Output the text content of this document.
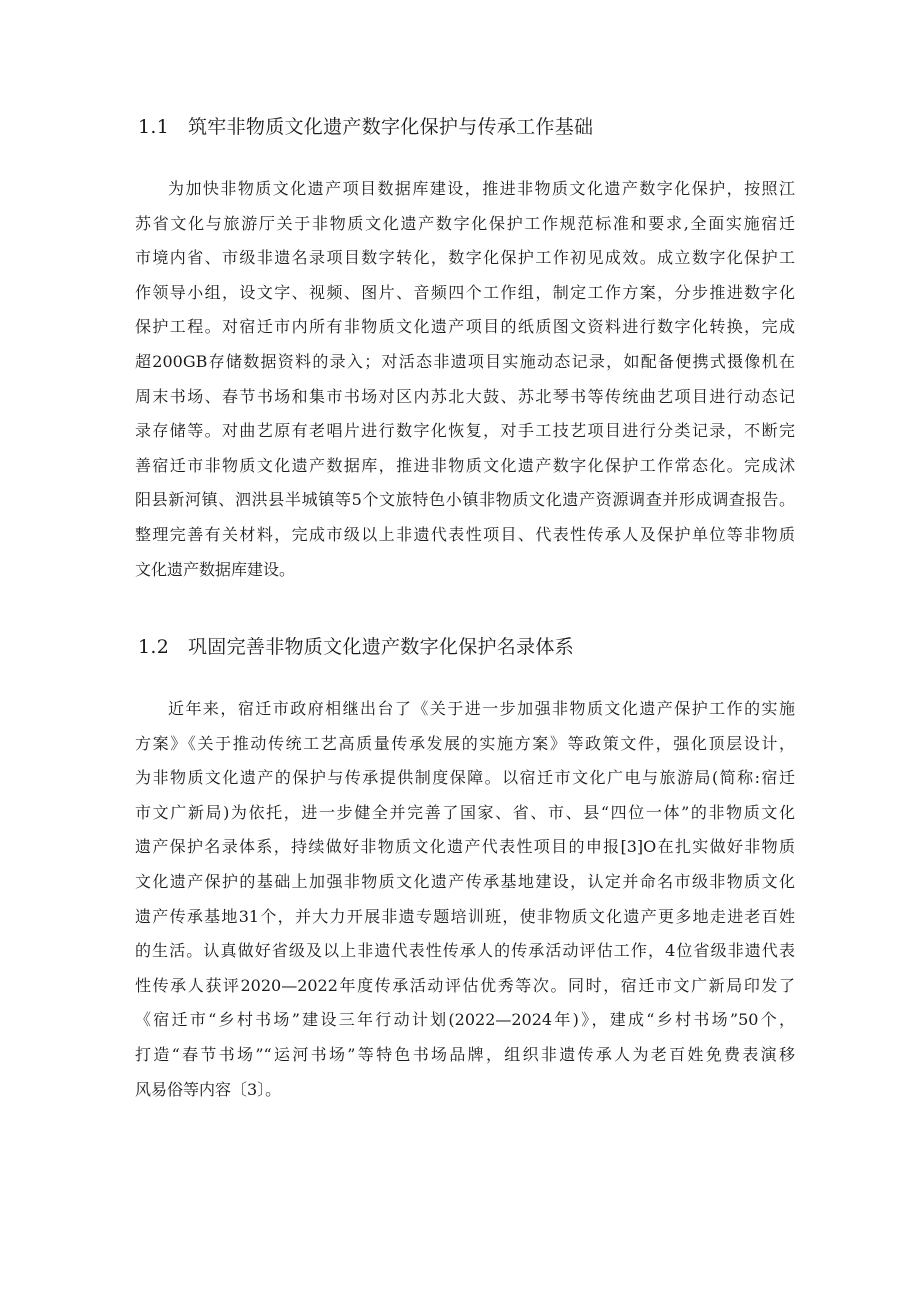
1.1 筑牢非物质文化遗产数字化保护与传承工作基础
为加快非物质文化遗产项目数据库建设，推进非物质文化遗产数字化保护，按照江
苏省文化与旅游厅关于非物质文化遗产数字化保护工作规范标准和要求,全面实施宿迁
市境内省、市级非遗名录项目数字转化，数字化保护工作初见成效。成立数字化保护工
作领导小组，设文字、视频、图片、音频四个工作组，制定工作方案，分步推进数字化
保护工程。对宿迁市内所有非物质文化遗产项目的纸质图文资料进行数字化转换，完成
超200GB存储数据资料的录入；对活态非遗项目实施动态记录，如配备便携式摄像机在
周末书场、春节书场和集市书场对区内苏北大鼓、苏北琴书等传统曲艺项目进行动态记
录存储等。对曲艺原有老唱片进行数字化恢复，对手工技艺项目进行分类记录，不断完
善宿迁市非物质文化遗产数据库，推进非物质文化遗产数字化保护工作常态化。完成沭
阳县新河镇、泗洪县半城镇等5个文旅特色小镇非物质文化遗产资源调查并形成调查报告。
整理完善有关材料，完成市级以上非遗代表性项目、代表性传承人及保护单位等非物质
文化遗产数据库建设。
1.2 巩固完善非物质文化遗产数字化保护名录体系
近年来，宿迁市政府相继出台了《关于进一步加强非物质文化遗产保护工作的实施
方案》《关于推动传统工艺高质量传承发展的实施方案》等政策文件，强化顶层设计，
为非物质文化遗产的保护与传承提供制度保障。以宿迁市文化广电与旅游局(简称:宿迁
市文广新局)为依托，进一步健全并完善了国家、省、市、县“四位一体”的非物质文化
遗产保护名录体系，持续做好非物质文化遗产代表性项目的申报[3]O在扎实做好非物质
文化遗产保护的基础上加强非物质文化遗产传承基地建设，认定并命名市级非物质文化
遗产传承基地31个，并大力开展非遗专题培训班，使非物质文化遗产更多地走进老百姓
的生活。认真做好省级及以上非遗代表性传承人的传承活动评估工作，4位省级非遗代表
性传承人获评2020—2022年度传承活动评估优秀等次。同时，宿迁市文广新局印发了
《宿迁市“乡村书场”建设三年行动计划(2022—2024年)》，建成“乡村书场”50个，
打造“春节书场”“运河书场”等特色书场品牌，组织非遗传承人为老百姓免费表演移
风易俗等内容〔3〕。
